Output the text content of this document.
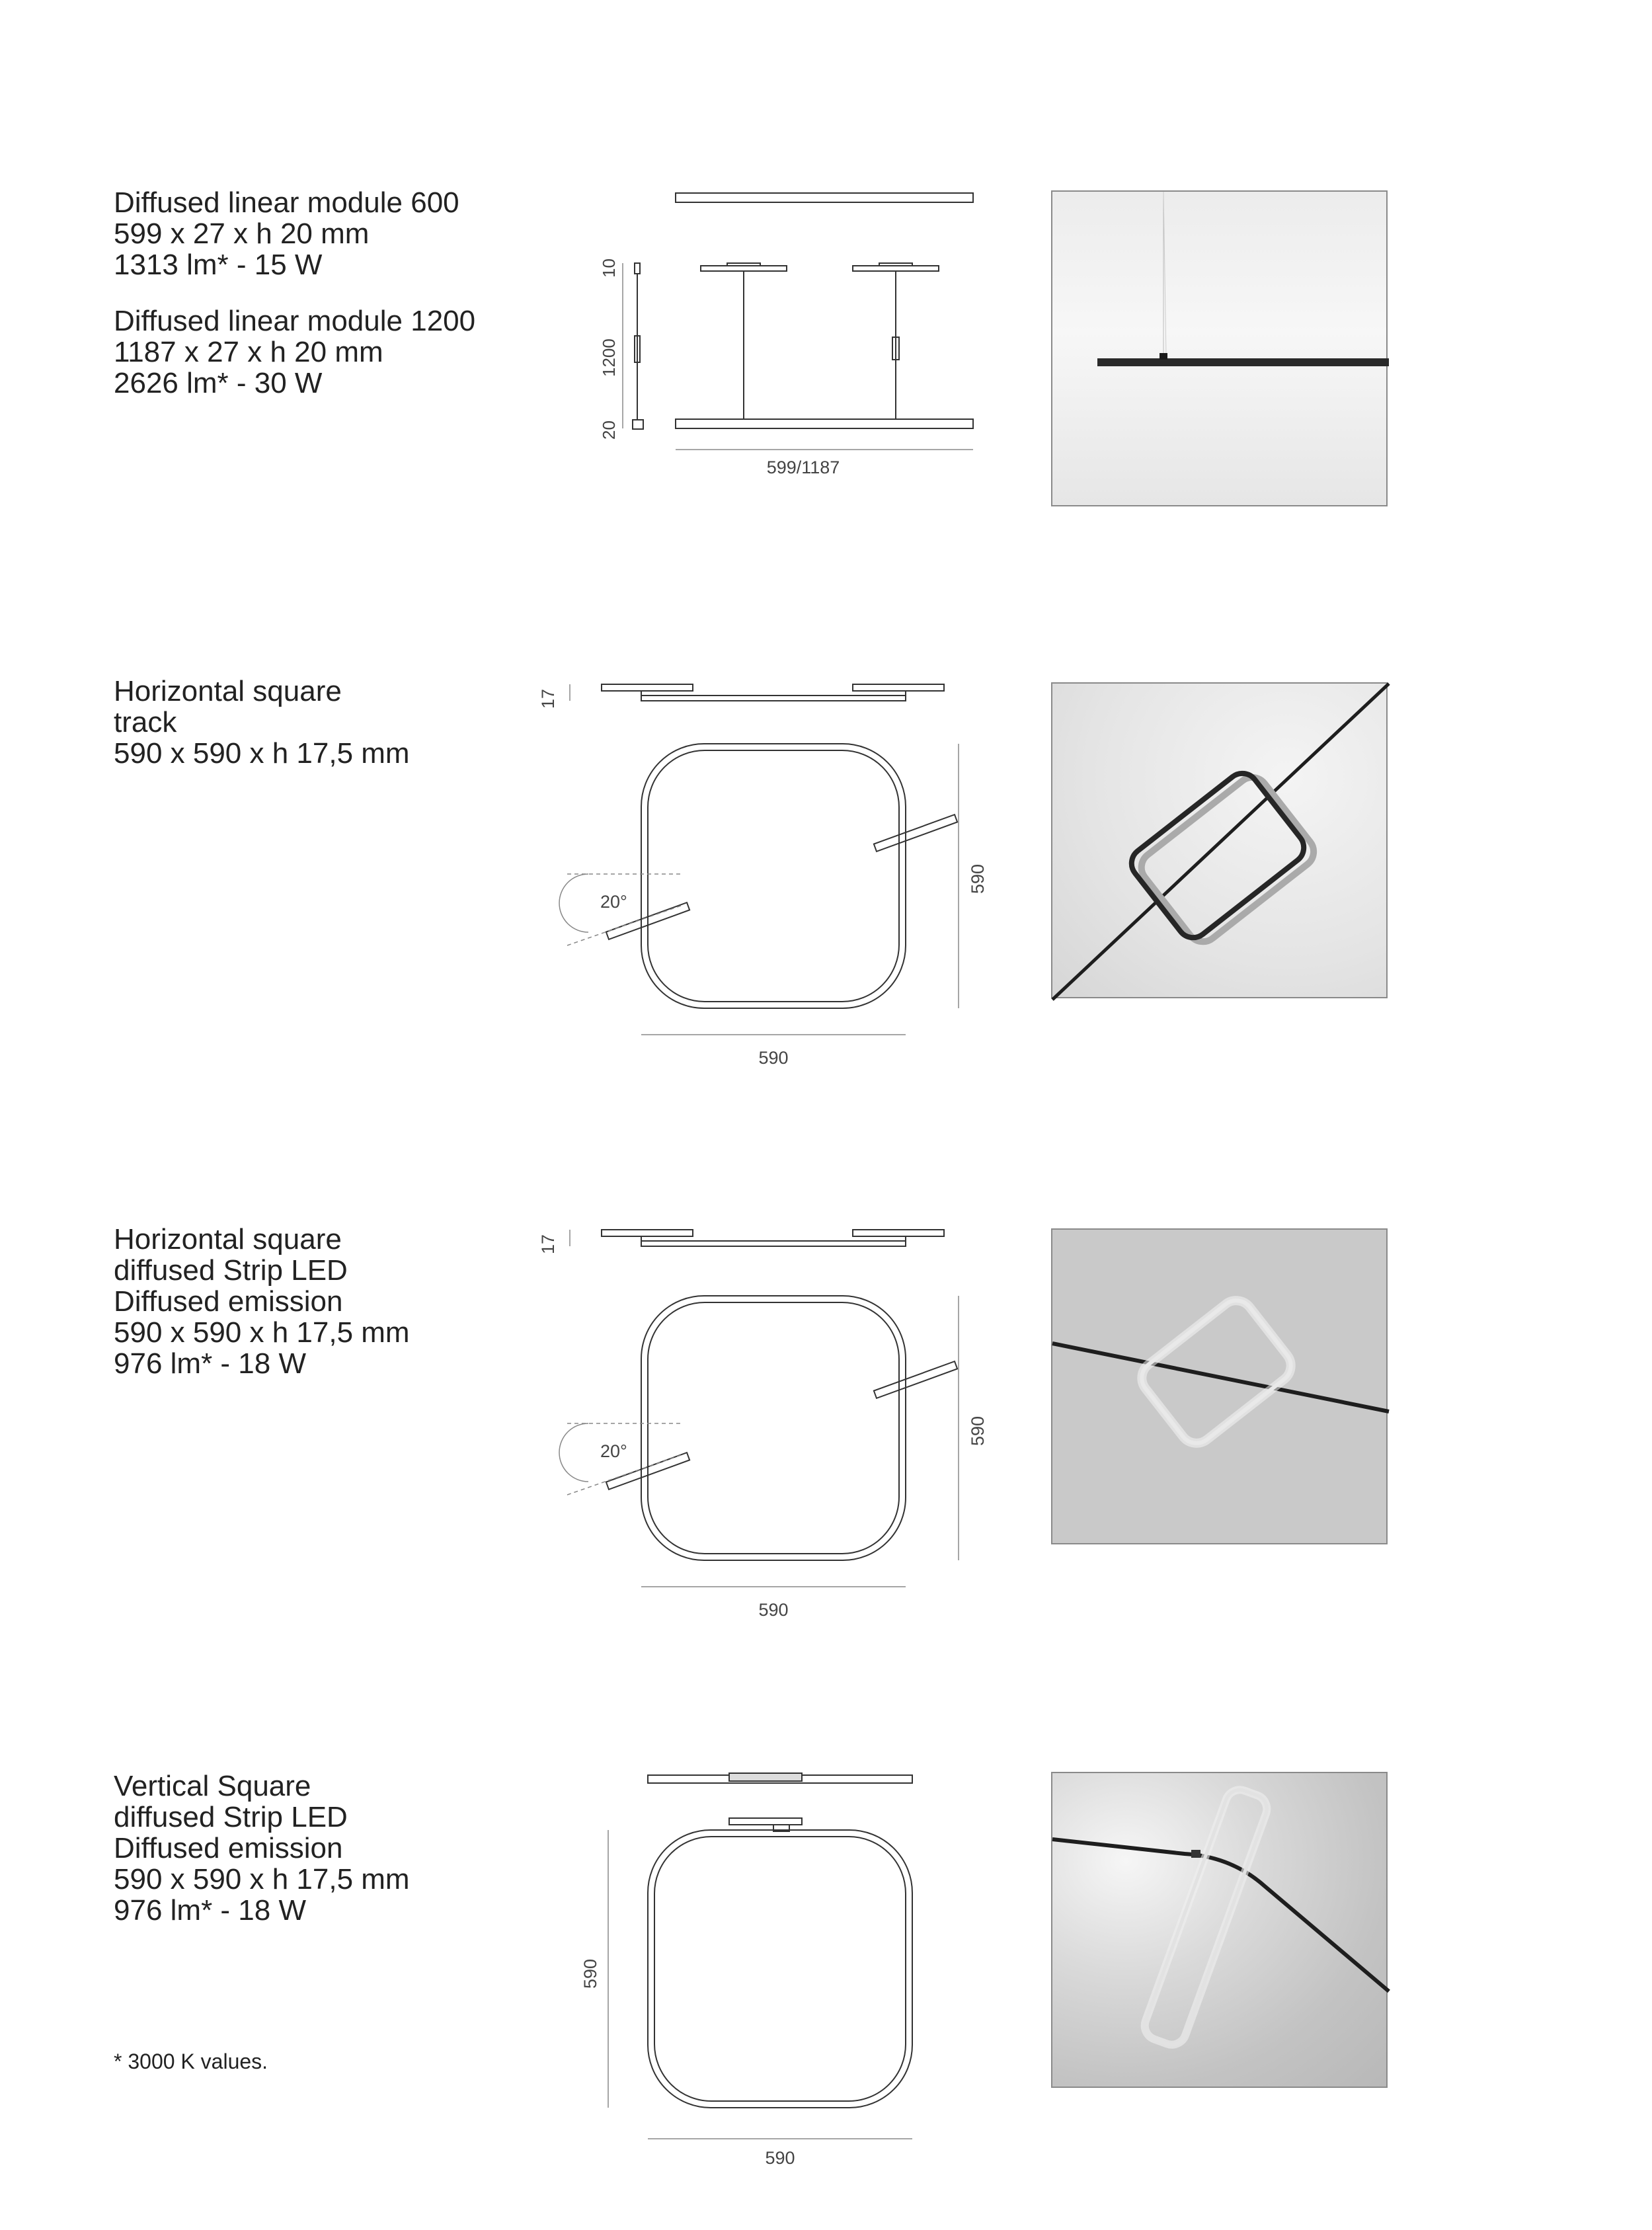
Diffused linear module 600
599 x 27 x h 20 mm
1313 lm* - 15 W
Diffused linear module 1200
1187 x 27 x h 20 mm
2626 lm* - 30 W
10
1200
20
599/1187
Horizontal square
track
590 x 590 x h 17,5 mm
20°
17
590
590
Horizontal square
diffused Strip LED
Diffused emission
590 x 590 x h 17,5 mm
976 lm* - 18 W
20°
17
590
590
Vertical Square
diffused Strip LED
Diffused emission
590 x 590 x h 17,5 mm
976 lm* - 18 W
590
590
* 3000 K values.
